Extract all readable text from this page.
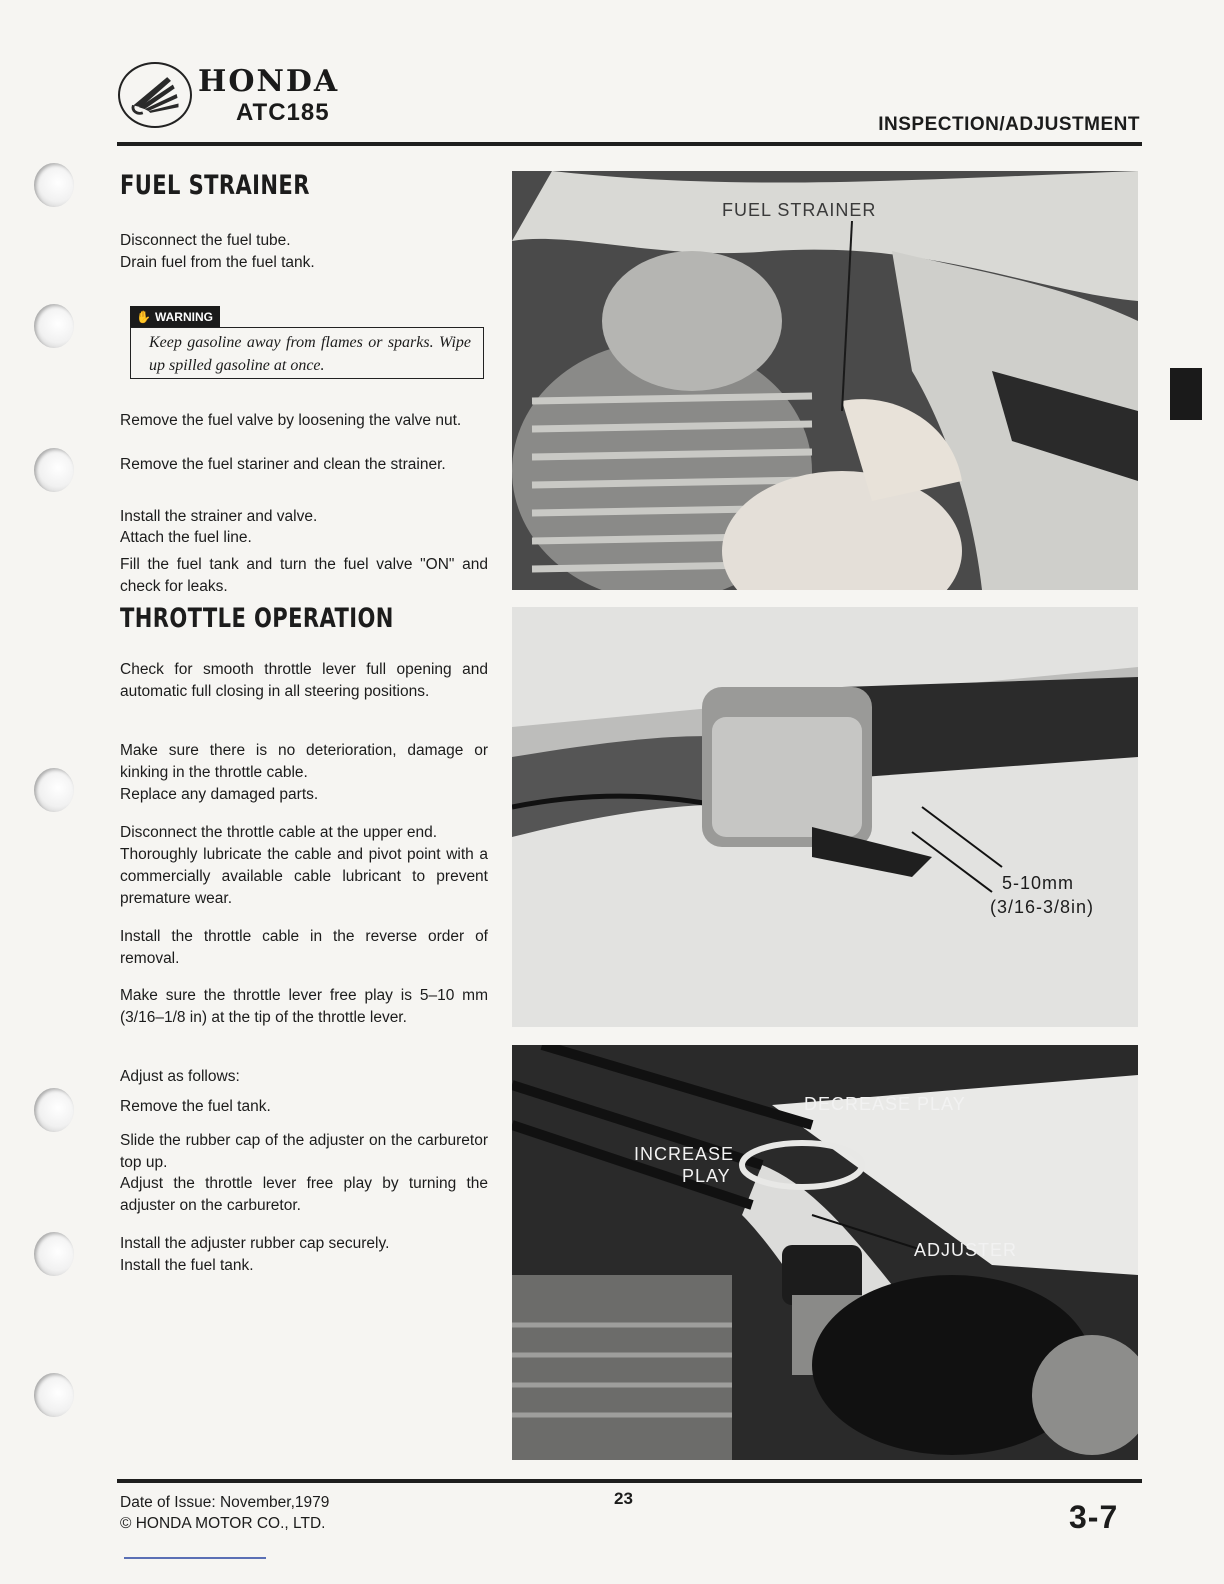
HONDA
ATC185	INSPECTION/ADJUSTMENT
FUEL STRAINER
Disconnect the fuel tube.
Drain fuel from the fuel tank.
✋ WARNING
Keep gasoline away from flames or sparks. Wipe up spilled gasoline at once.
Remove the fuel valve by loosening the valve nut.
Remove the fuel stariner and clean the strainer.
Install the strainer and valve.
Attach the fuel line.
Fill the fuel tank and turn the fuel valve "ON" and check for leaks.
THROTTLE OPERATION
Check for smooth throttle lever full opening and automatic full closing in all steering positions.
Make sure there is no deterioration, damage or kinking in the throttle cable.
Replace any damaged parts.
Disconnect the throttle cable at the upper end.
Thoroughly lubricate the cable and pivot point with a commercially available cable lubricant to prevent premature wear.
Install the throttle cable in the reverse order of removal.
Make sure the throttle lever free play is 5–10 mm (3/16–1/8 in) at the tip of the throttle lever.
Adjust as follows:
Remove the fuel tank.
Slide the rubber cap of the adjuster on the carburetor top up.
Adjust the throttle lever free play by turning the adjuster on the carburetor.
Install the adjuster rubber cap securely.
Install the fuel tank.
FUEL STRAINER
5-10mm
(3/16-3/8in)
DECREASE PLAY
INCREASE
PLAY
ADJUSTER
Date of Issue: November,1979
© HONDA MOTOR CO., LTD.
23
3-7
